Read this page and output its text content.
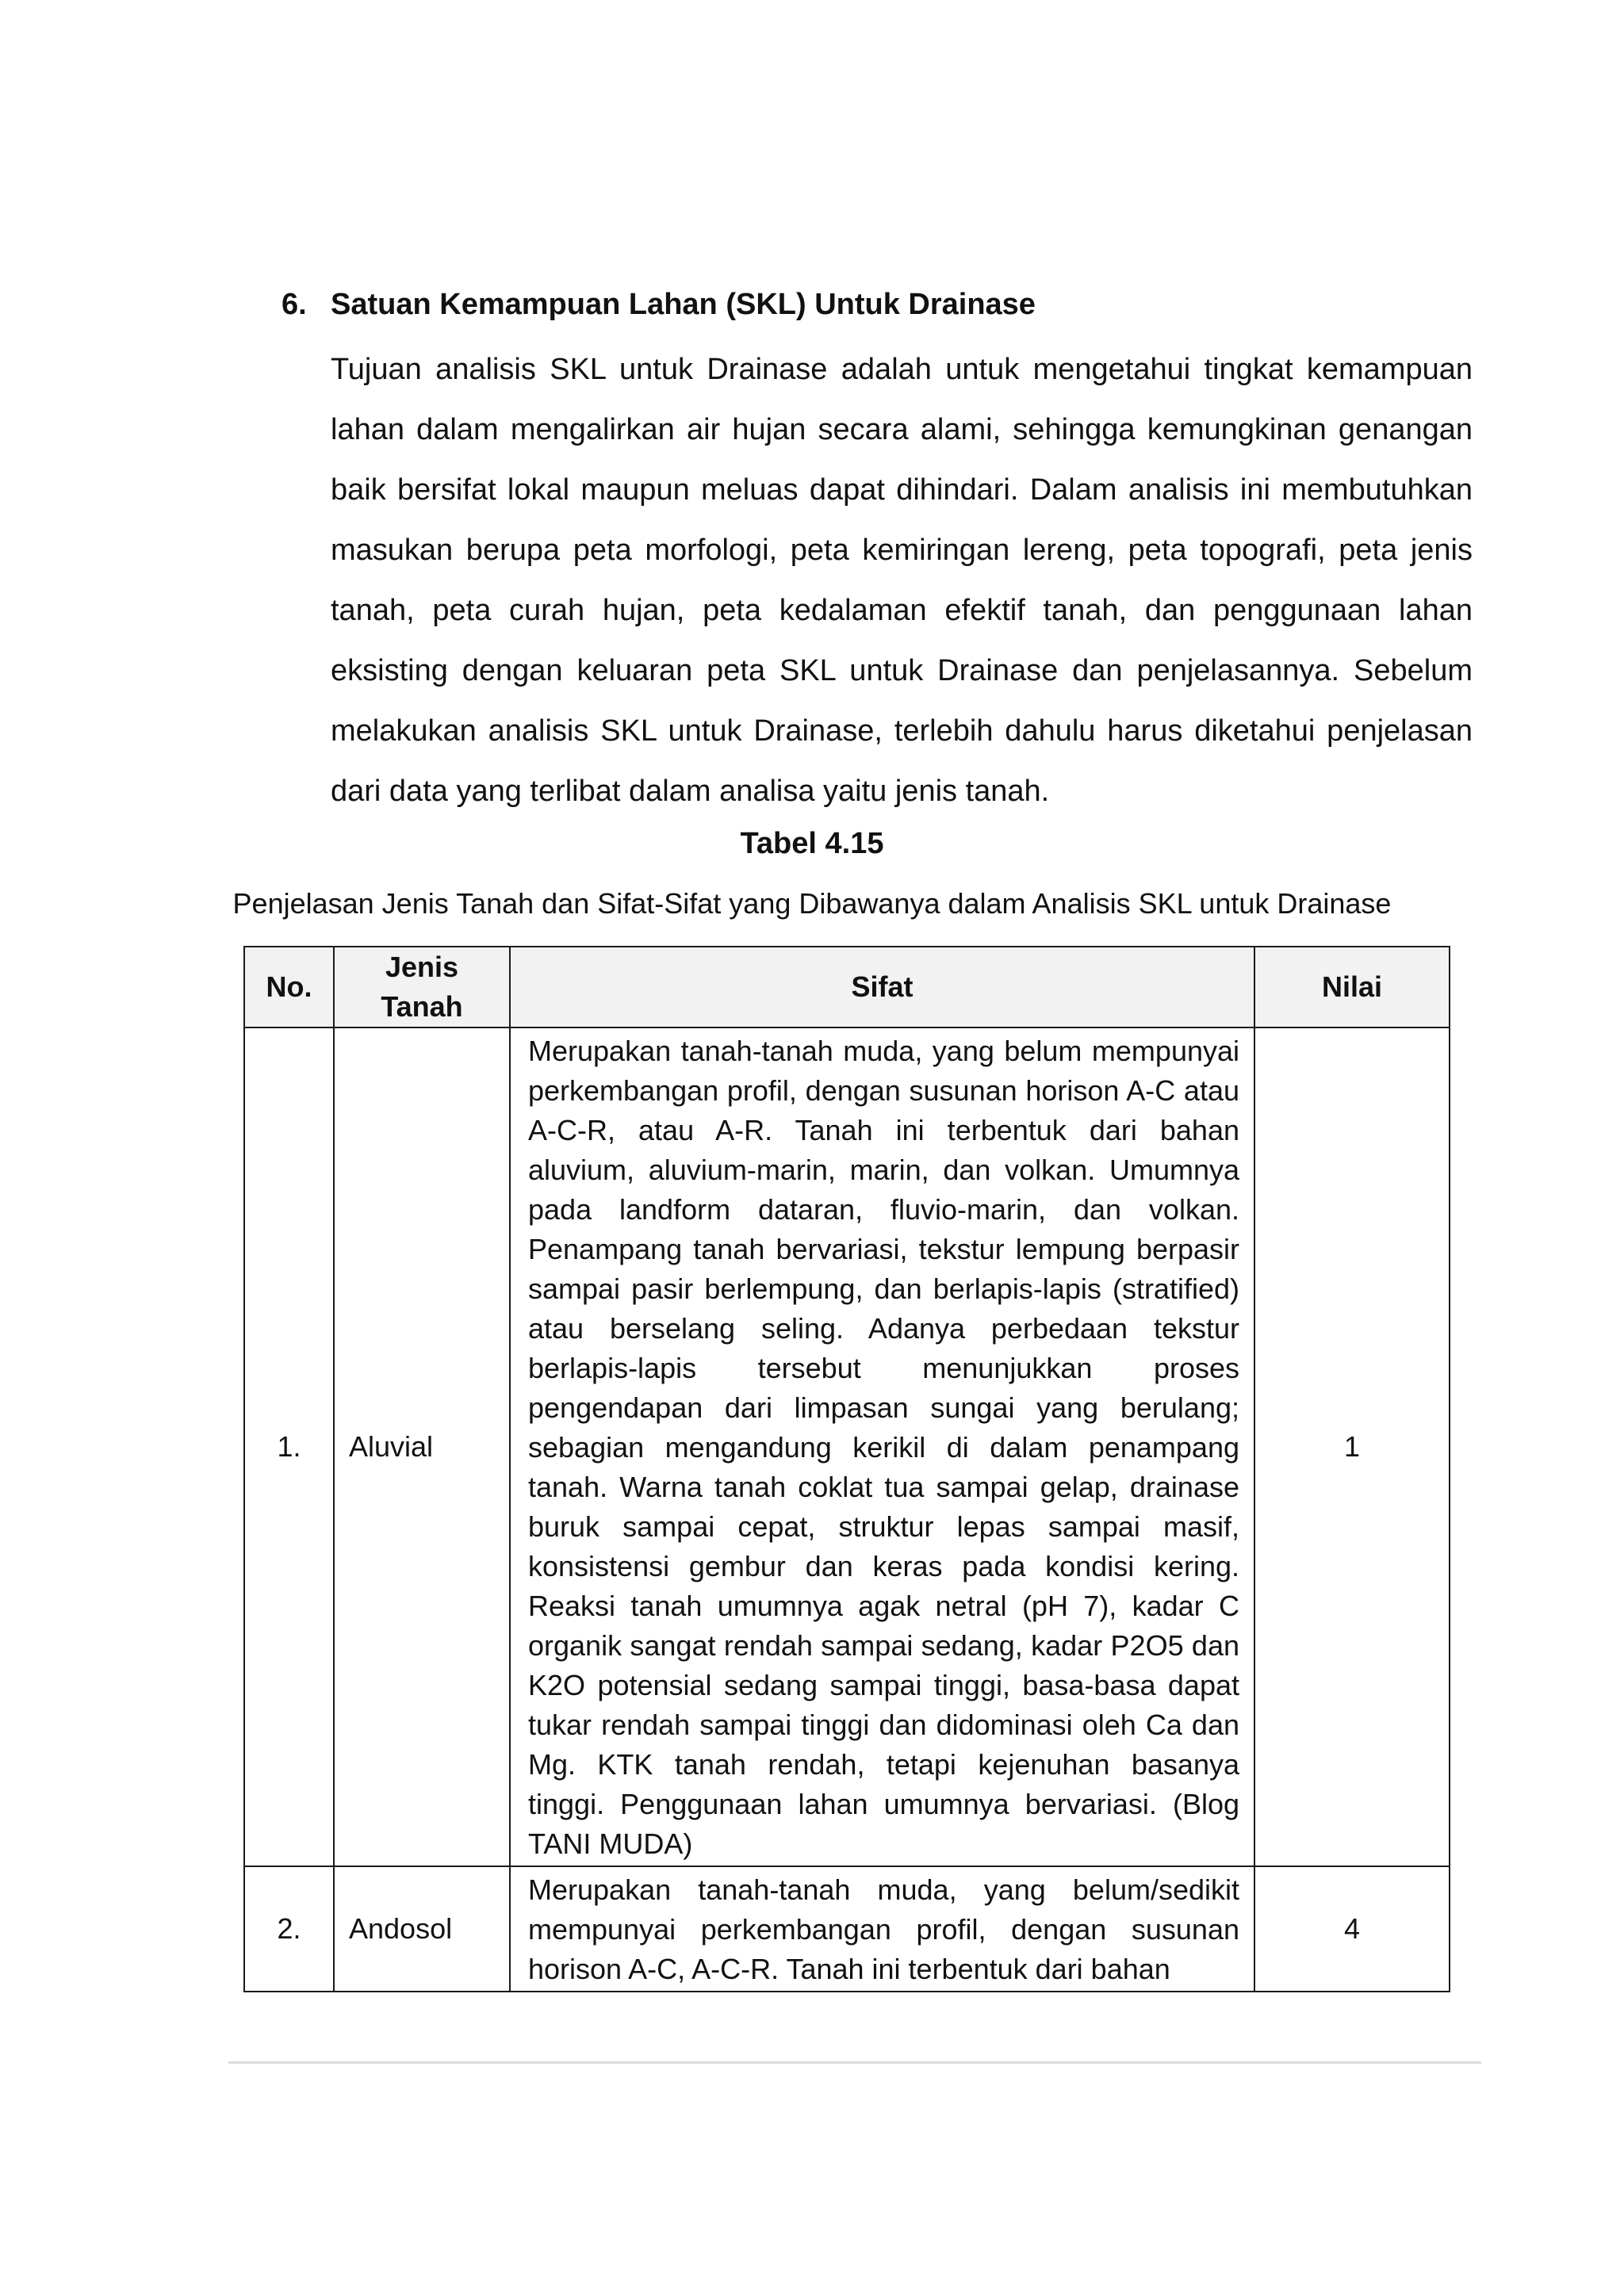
6. Satuan Kemampuan Lahan (SKL) Untuk Drainase
Tujuan analisis SKL untuk Drainase adalah untuk mengetahui tingkat kemampuan lahan dalam mengalirkan air hujan secara alami, sehingga kemungkinan genangan baik bersifat lokal maupun meluas dapat dihindari. Dalam analisis ini membutuhkan masukan berupa peta morfologi, peta kemiringan lereng, peta topografi, peta jenis tanah, peta curah hujan, peta kedalaman efektif tanah, dan penggunaan lahan eksisting dengan keluaran peta SKL untuk Drainase dan penjelasannya. Sebelum melakukan analisis SKL untuk Drainase, terlebih dahulu harus diketahui penjelasan dari data yang terlibat dalam analisa yaitu jenis tanah.
Tabel 4.15
Penjelasan Jenis Tanah dan Sifat-Sifat yang Dibawanya dalam Analisis SKL untuk Drainase
No.	Jenis Tanah	Sifat	Nilai
1.	Aluvial	Merupakan tanah-tanah muda, yang belum mempunyai perkembangan profil, dengan susunan horison A-C atau A-C-R, atau A-R. Tanah ini terbentuk dari bahan aluvium, aluvium-marin, marin, dan volkan. Umumnya pada landform dataran, fluvio-marin, dan volkan. Penampang tanah bervariasi, tekstur lempung berpasir sampai pasir berlempung, dan berlapis-lapis (stratified) atau berselang seling. Adanya perbedaan tekstur berlapis-lapis tersebut menunjukkan proses pengendapan dari limpasan sungai yang berulang; sebagian mengandung kerikil di dalam penampang tanah. Warna tanah coklat tua sampai gelap, drainase buruk sampai cepat, struktur lepas sampai masif, konsistensi gembur dan keras pada kondisi kering. Reaksi tanah umumnya agak netral (pH 7), kadar C organik sangat rendah sampai sedang, kadar P2O5 dan K2O potensial sedang sampai tinggi, basa-basa dapat tukar rendah sampai tinggi dan didominasi oleh Ca dan Mg. KTK tanah rendah, tetapi kejenuhan basanya tinggi. Penggunaan lahan umumnya bervariasi. (Blog TANI MUDA)	1
2.	Andosol	Merupakan tanah-tanah muda, yang belum/sedikit mempunyai perkembangan profil, dengan susunan horison A-C, A-C-R. Tanah ini terbentuk dari bahan	4
